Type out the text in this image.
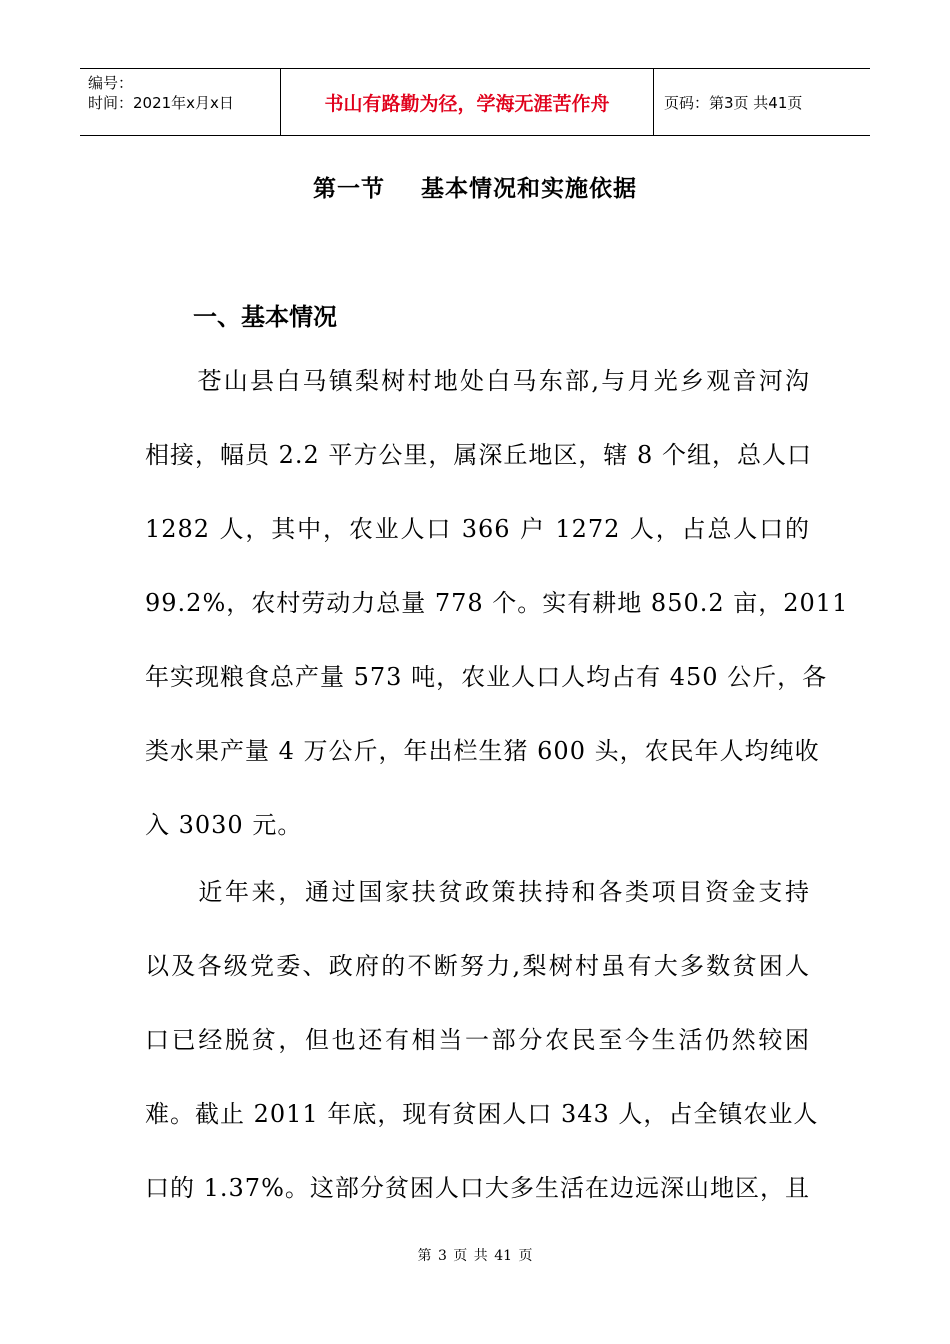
编号：
时间：2021年x月x日	书山有路勤为径，学海无涯苦作舟	页码：第3页 共41页
第一节    基本情况和实施依据
一、基本情况
　　苍山县白马镇梨树村地处白马东部,与月光乡观音河沟
相接，幅员 2.2 平方公里，属深丘地区，辖 8 个组，总人口
1282 人，其中，农业人口 366 户 1272 人，占总人口的
99.2%，农村劳动力总量 778 个。实有耕地 850.2 亩，2011
年实现粮食总产量 573 吨，农业人口人均占有 450 公斤，各
类水果产量 4 万公斤，年出栏生猪 600 头，农民年人均纯收
入 3030 元。
　　近年来，通过国家扶贫政策扶持和各类项目资金支持
以及各级党委、政府的不断努力,梨树村虽有大多数贫困人
口已经脱贫，但也还有相当一部分农民至今生活仍然较困
难。截止 2011 年底，现有贫困人口 343 人，占全镇农业人
口的 1.37%。这部分贫困人口大多生活在边远深山地区，且
第 3 页 共 41 页
